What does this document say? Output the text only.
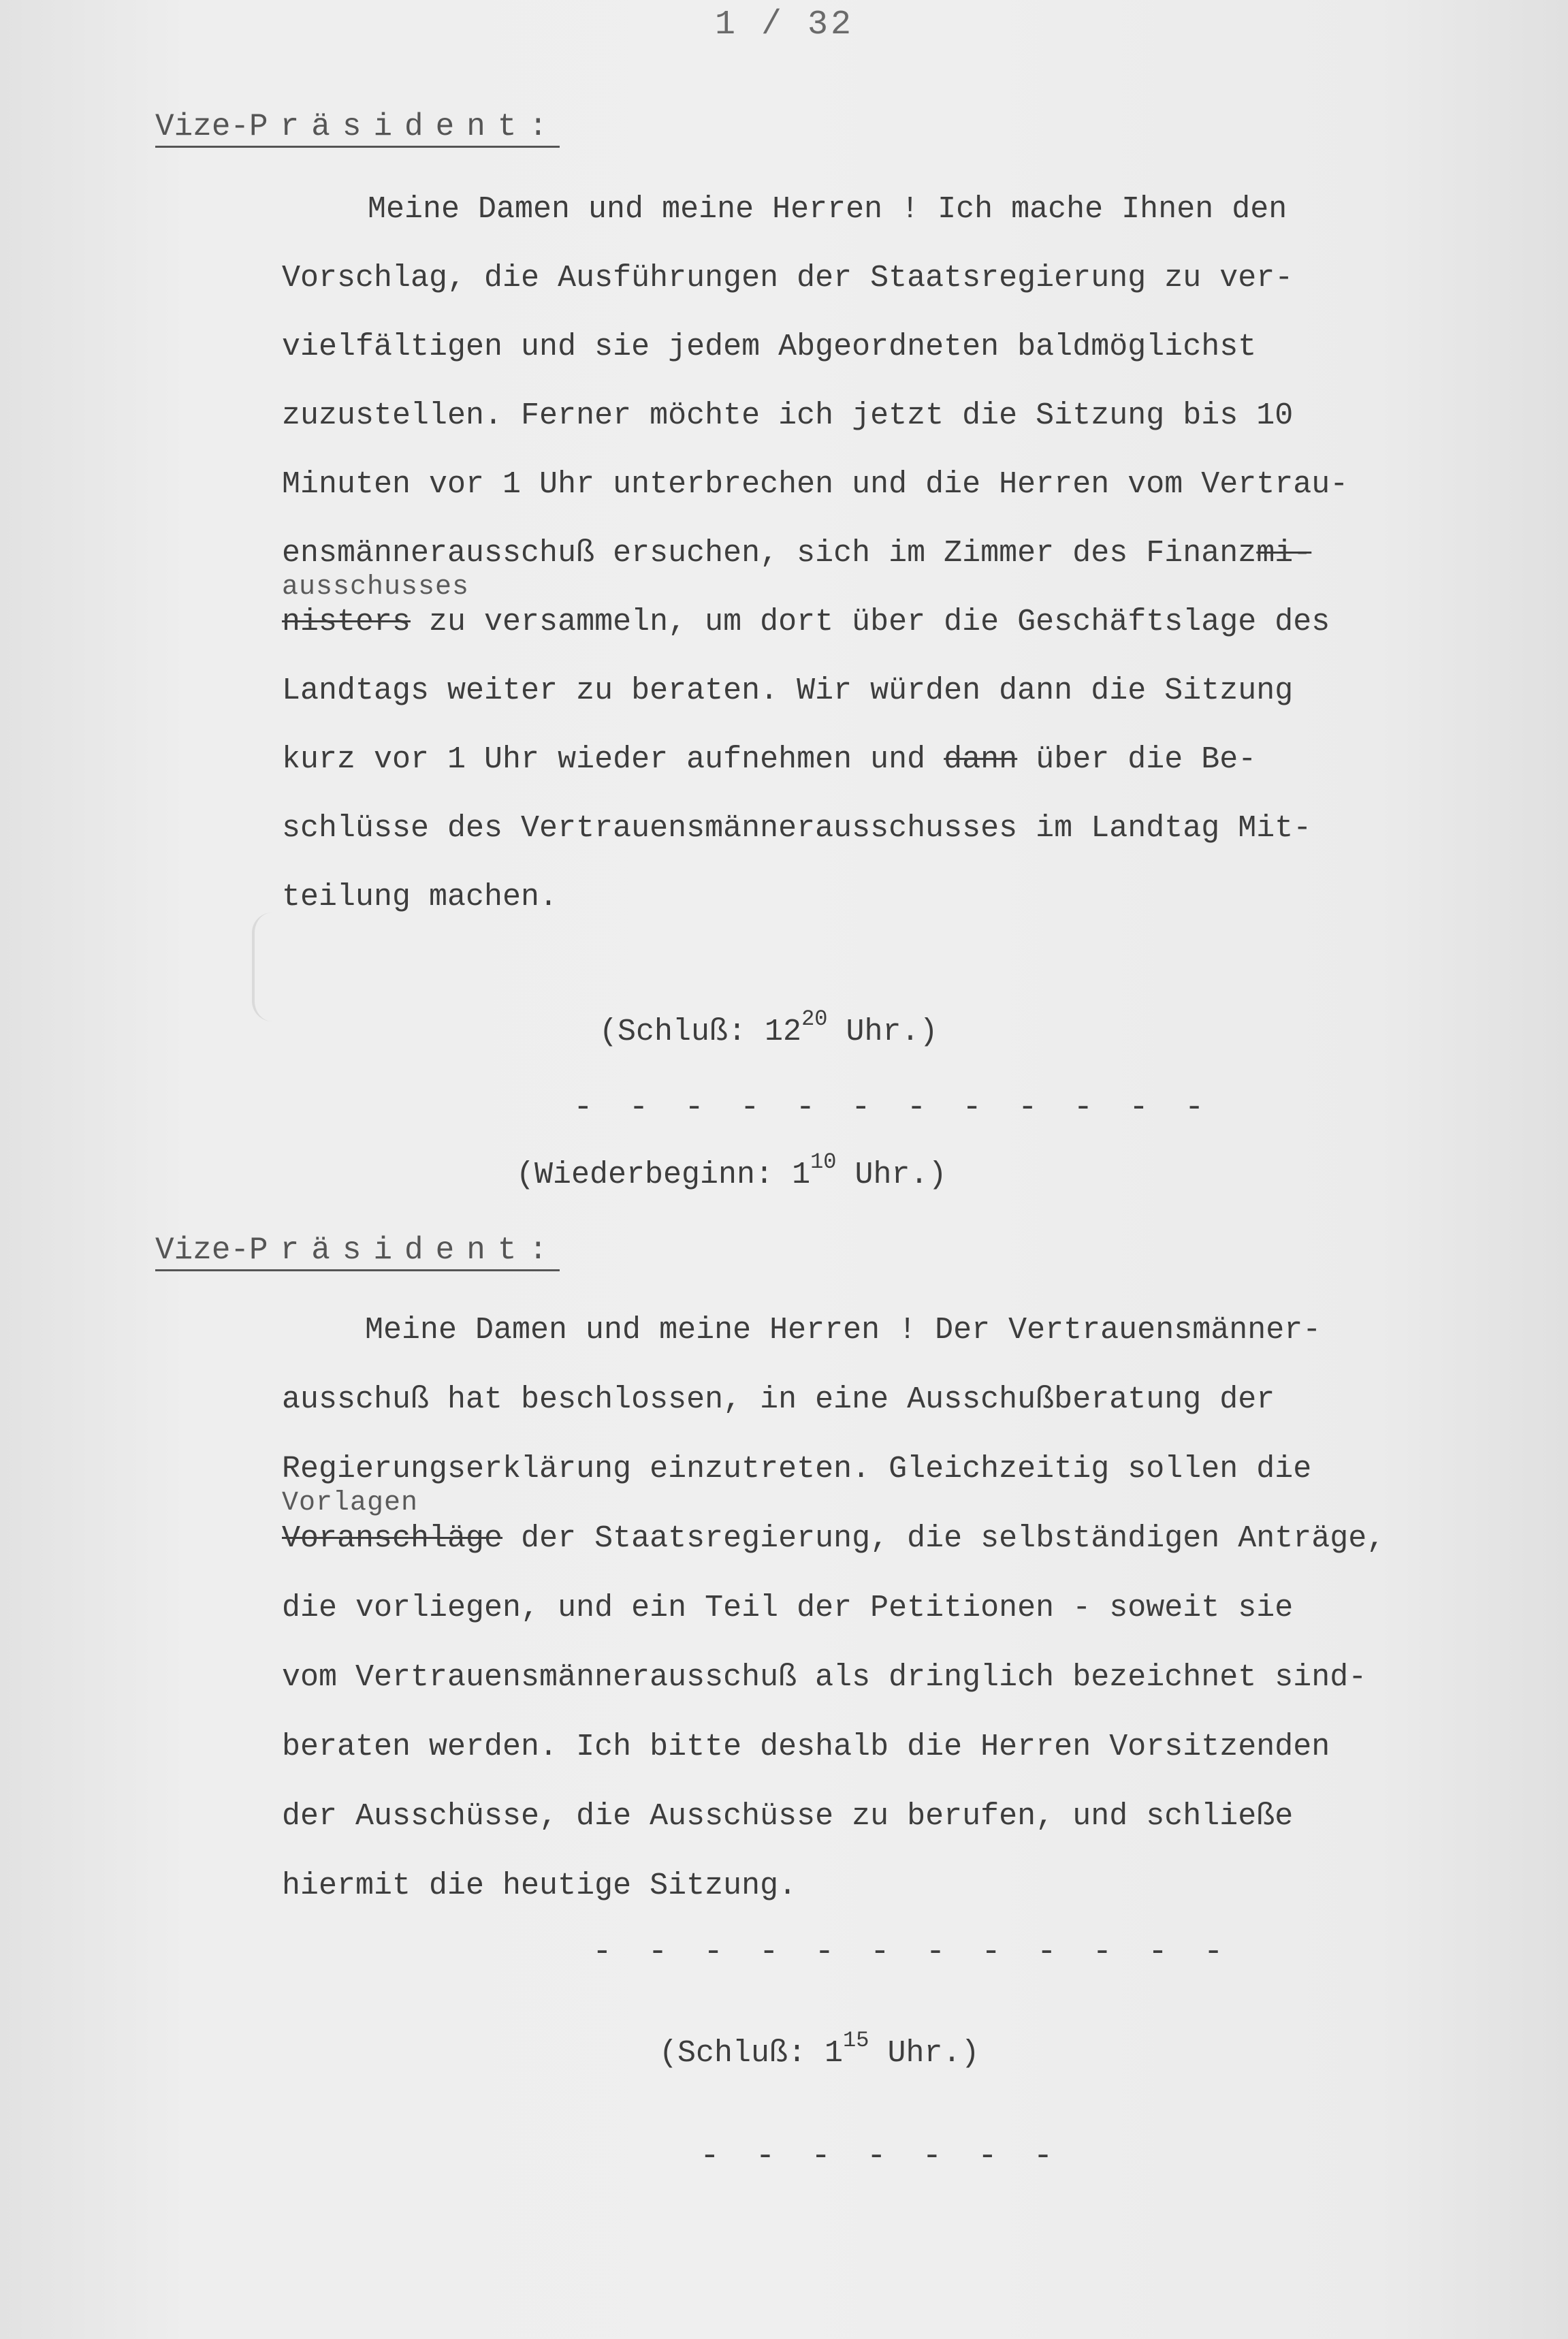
1 / 32
Vize-Präsident:
Meine Damen und meine Herren ! Ich mache Ihnen den
Vorschlag, die Ausführungen der Staatsregierung zu ver-
vielfältigen und sie jedem Abgeordneten baldmöglichst
zuzustellen. Ferner möchte ich jetzt die Sitzung bis 10
Minuten vor 1 Uhr unterbrechen und die Herren vom Vertrau-
ensmännerausschuß ersuchen, sich im Zimmer des Finanzmi-
ausschusses
nisters zu versammeln, um dort über die Geschäftslage des
Landtags weiter zu beraten. Wir würden dann die Sitzung
kurz vor 1 Uhr wieder aufnehmen und dann über die Be-
schlüsse des Vertrauensmännerausschusses im Landtag Mit-
teilung machen.
(Schluß: $12^{20}$ Uhr.)
- - - - - - - - - - - -
(Wiederbeginn: $1^{10}$ Uhr.)
Vize-Präsident:
Meine Damen und meine Herren ! Der Vertrauensmänner-
ausschuß hat beschlossen, in eine Ausschußberatung der
Regierungserklärung einzutreten. Gleichzeitig sollen die
Vorlagen
Voranschläge der Staatsregierung, die selbständigen Anträge,
die vorliegen, und ein Teil der Petitionen - soweit sie
vom Vertrauensmännerausschuß als dringlich bezeichnet sind-
beraten werden. Ich bitte deshalb die Herren Vorsitzenden
der Ausschüsse, die Ausschüsse zu berufen, und schließe
hiermit die heutige Sitzung.
- - - - - - - - - - - -
(Schluß: $1^{15}$ Uhr.)
- - - - - - -
